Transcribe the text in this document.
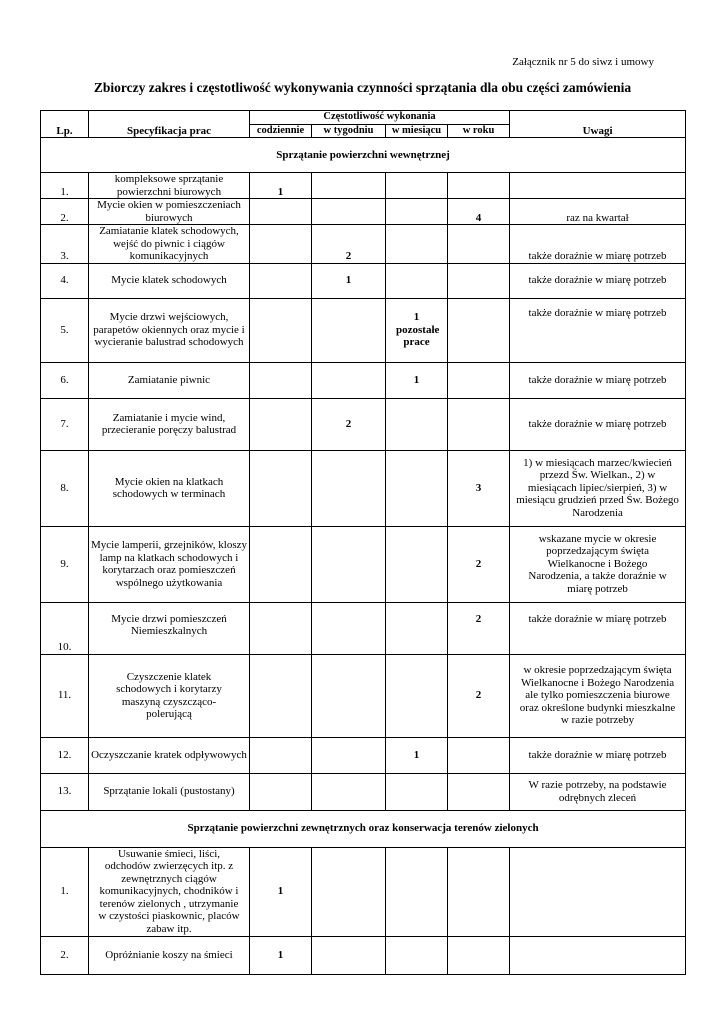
Załącznik nr 5 do siwz i umowy
Zbiorczy zakres i częstotliwość wykonywania czynności sprzątania dla obu części zamówienia
Lp.	Specyfikacja prac	Częstotliwość wykonania				Uwagi
		codziennie	w tygodniu	w miesiącu	w roku	
Sprzątanie powierzchni wewnętrznej						
1.	kompleksowe sprzątanie powierzchni biurowych	1				
2.	Mycie okien w pomieszczeniach biurowych				4	raz na kwartał
3.	Zamiatanie klatek schodowych, wejść do piwnic i ciągów komunikacyjnych		2			także doraźnie w miarę potrzeb
4.	Mycie klatek schodowych		1			także doraźnie w miarę potrzeb
5.	Mycie drzwi wejściowych, parapetów okiennych oraz mycie i wycieranie balustrad schodowych			1 pozostałe prace		także doraźnie w miarę potrzeb
6.	Zamiatanie piwnic			1		także doraźnie w miarę potrzeb
7.	Zamiatanie i mycie wind, przecieranie poręczy balustrad		2			także doraźnie w miarę potrzeb
8.	Mycie okien na klatkach schodowych w terminach				3	1) w miesiącach marzec/kwiecień przezd Św. Wielkan., 2) w miesiącach lipiec/sierpień, 3) w miesiącu grudzień przed Św. Bożego Narodzenia
9.	Mycie lamperii, grzejników, kloszy lamp na klatkach schodowych i korytarzach oraz pomieszczeń wspólnego użytkowania				2	wskazane mycie w okresie poprzedzającym święta Wielkanocne i Bożego Narodzenia, a także doraźnie w miarę potrzeb
10.	Mycie drzwi pomieszczeń Niemieszkalnych				2	także doraźnie w miarę potrzeb
11.	Czyszczenie klatek schodowych i korytarzy maszyną czyszcząco-polerującą				2	w okresie poprzedzającym święta Wielkanocne i Bożego Narodzenia ale tylko pomieszczenia biurowe oraz określone budynki mieszkalne w razie potrzeby
12.	Oczyszczanie kratek odpływowych			1		także doraźnie w miarę potrzeb
13.	Sprzątanie lokali (pustostany)					W razie potrzeby, na podstawie odrębnych zleceń
Sprzątanie powierzchni zewnętrznych oraz konserwacja terenów zielonych						
1.	Usuwanie śmieci, liści, odchodów zwierzęcych itp. z zewnętrznych ciągów komunikacyjnych, chodników i terenów zielonych , utrzymanie w czystości piaskownic, placów zabaw itp.	1				
2.	Opróżnianie koszy na śmieci	1				
